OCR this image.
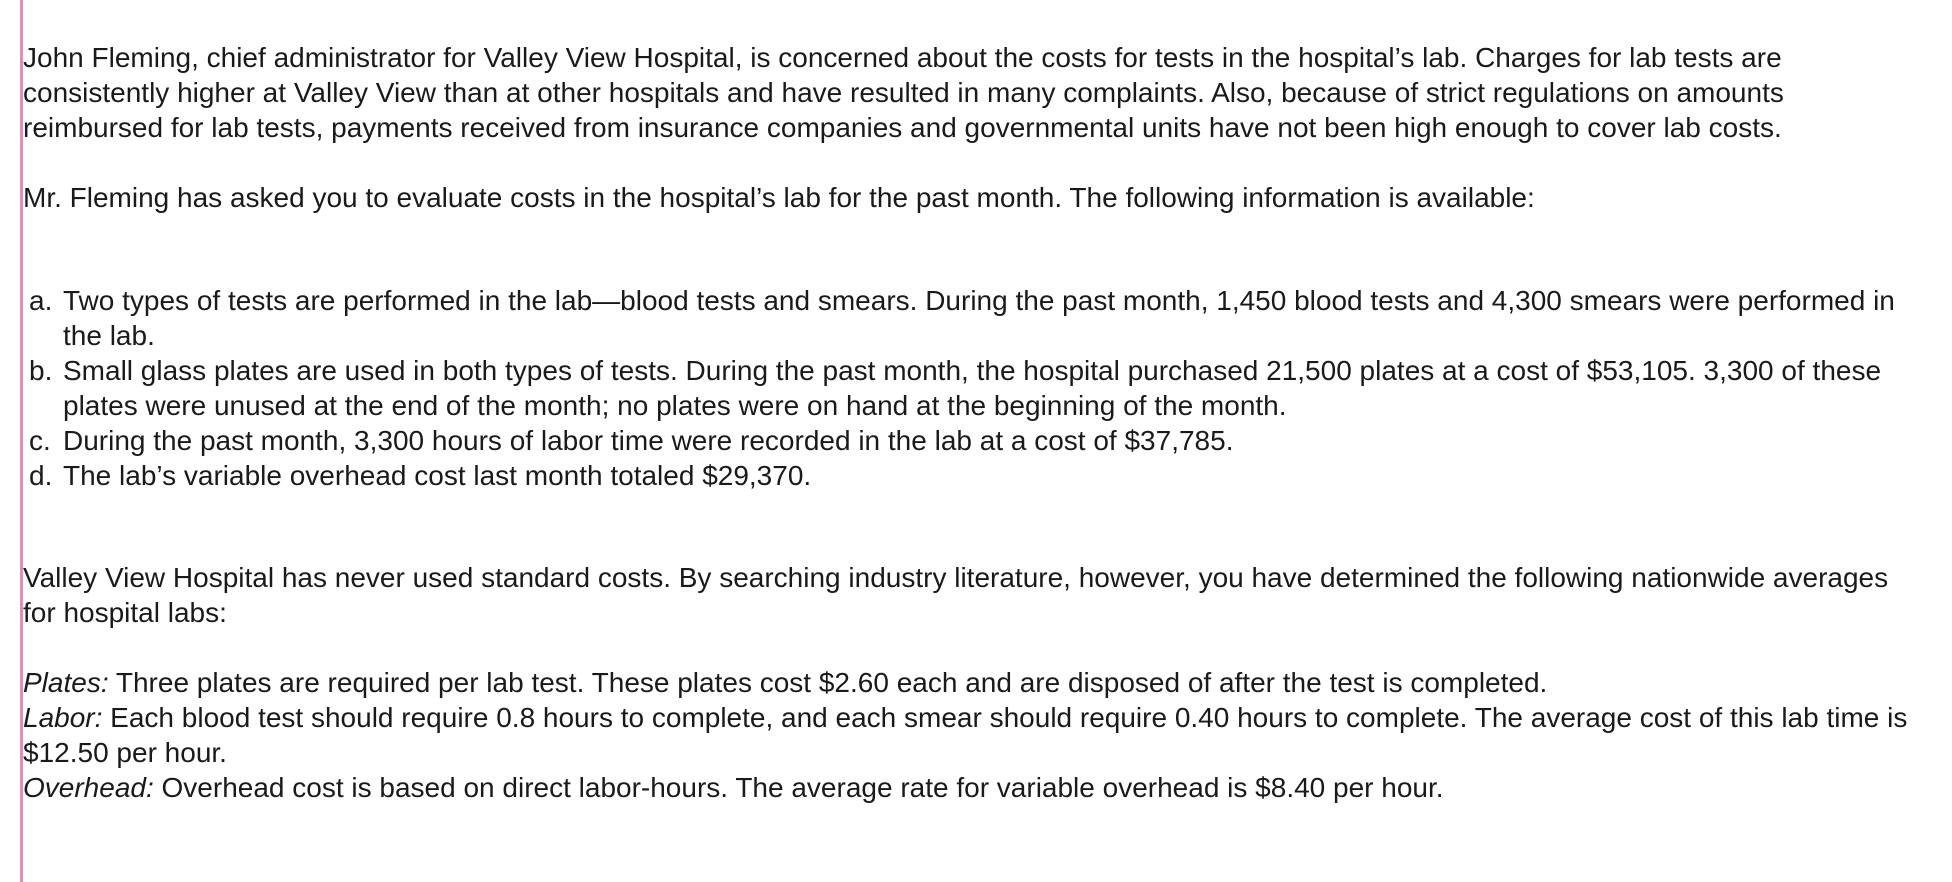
John Fleming, chief administrator for Valley View Hospital, is concerned about the costs for tests in the hospital’s lab. Charges for lab tests are consistently higher at Valley View than at other hospitals and have resulted in many complaints. Also, because of strict regulations on amounts reimbursed for lab tests, payments received from insurance companies and governmental units have not been high enough to cover lab costs.

Mr. Fleming has asked you to evaluate costs in the hospital’s lab for the past month. The following information is available:

a. Two types of tests are performed in the lab—blood tests and smears. During the past month, 1,450 blood tests and 4,300 smears were performed in the lab.
b. Small glass plates are used in both types of tests. During the past month, the hospital purchased 21,500 plates at a cost of $53,105. 3,300 of these plates were unused at the end of the month; no plates were on hand at the beginning of the month.
c. During the past month, 3,300 hours of labor time were recorded in the lab at a cost of $37,785.
d. The lab’s variable overhead cost last month totaled $29,370.

Valley View Hospital has never used standard costs. By searching industry literature, however, you have determined the following nationwide averages for hospital labs:

Plates: Three plates are required per lab test. These plates cost $2.60 each and are disposed of after the test is completed.

Labor: Each blood test should require 0.8 hours to complete, and each smear should require 0.40 hours to complete. The average cost of this lab time is $12.50 per hour.

Overhead: Overhead cost is based on direct labor-hours. The average rate for variable overhead is $8.40 per hour.
